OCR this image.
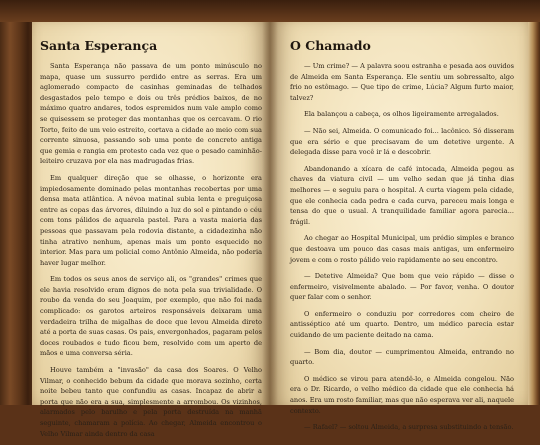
Santa Esperança

Santa Esperança não passava de um ponto minúsculo no mapa, quase um sussurro perdido entre as serras. Era um aglomerado compacto de casinhas geminadas de telhados desgastados pelo tempo e dois ou três prédios baixos, de no máximo quatro andares, todos espremidos num vale amplo como se quisessem se proteger das montanhas que os cercavam. O rio Torto, feito de um veio estreito, cortava a cidade ao meio com sua corrente sinuosa, passando sob uma ponte de concreto antiga que gemia e rangia em protesto cada vez que o pesado caminhão-leiteiro cruzava por ela nas madrugadas frias.

Em qualquer direção que se olhasse, o horizonte era impiedosamente dominado pelas montanhas recobertas por uma densa mata atlântica. A névoa matinal subia lenta e preguiçosa entre as copas das árvores, diluindo a luz do sol e pintando o céu com tons pálidos de aquarela pastel. Para a vasta maioria das pessoas que passavam pela rodovia distante, a cidadezinha não tinha atrativo nenhum, apenas mais um ponto esquecido no interior. Mas para um policial como Antônio Almeida, não poderia haver lugar melhor.

Em todos os seus anos de serviço ali, os "grandes" crimes que ele havia resolvido eram dignos de nota pela sua trivialidade. O roubo da venda do seu Joaquim, por exemplo, que não foi nada complicado: os garotos arteiros responsáveis deixaram uma verdadeira trilha de migalhas de doce que levou Almeida direto até a porta de suas casas. Os pais, envergonhados, pagaram pelos doces roubados e tudo ficou bem, resolvido com um aperto de mãos e uma conversa séria.

Houve também a "invasão" da casa dos Soares. O Velho Vilmar, o conhecido bebum da cidade que morava sozinho, certa noite bebeu tanto que confundiu as casas. Incapaz de abrir a porta que não era a sua, simplesmente a arrombou. Os vizinhos, alarmados pelo barulho e pela porta destruída na manhã seguinte, chamaram a polícia. Ao chegar, Almeida encontrou o Velho Vilmar ainda dentro da casa

O Chamado

— Um crime? — A palavra soou estranha e pesada aos ouvidos de Almeida em Santa Esperança. Ele sentiu um sobressalto, algo frio no estômago. — Que tipo de crime, Lúcia? Algum furto maior, talvez?

Ela balançou a cabeça, os olhos ligeiramente arregalados.

— Não sei, Almeida. O comunicado foi... lacônico. Só disseram que era sério e que precisavam de um detetive urgente. A delegada disse para você ir lá e descobrir.

Abandonando a xícara de café intocada, Almeida pegou as chaves da viatura civil — um velho sedan que já tinha dias melhores — e seguiu para o hospital. A curta viagem pela cidade, que ele conhecia cada pedra e cada curva, pareceu mais longa e tensa do que o usual. A tranquilidade familiar agora parecia... frágil.

Ao chegar ao Hospital Municipal, um prédio simples e branco que destoava um pouco das casas mais antigas, um enfermeiro jovem e com o rosto pálido veio rapidamente ao seu encontro.

— Detetive Almeida? Que bom que veio rápido — disse o enfermeiro, visivelmente abalado. — Por favor, venha. O doutor quer falar com o senhor.

O enfermeiro o conduziu por corredores com cheiro de antisséptico até um quarto. Dentro, um médico parecia estar cuidando de um paciente deitado na cama.

— Bom dia, doutor — cumprimentou Almeida, entrando no quarto.

O médico se virou para atendê-lo, e Almeida congelou. Não era o Dr. Ricardo, o velho médico da cidade que ele conhecia há anos. Era um rosto familiar, mas que não esperava ver ali, naquele contexto.

— Rafael? — soltou Almeida, a surpresa substituindo a tensão.
